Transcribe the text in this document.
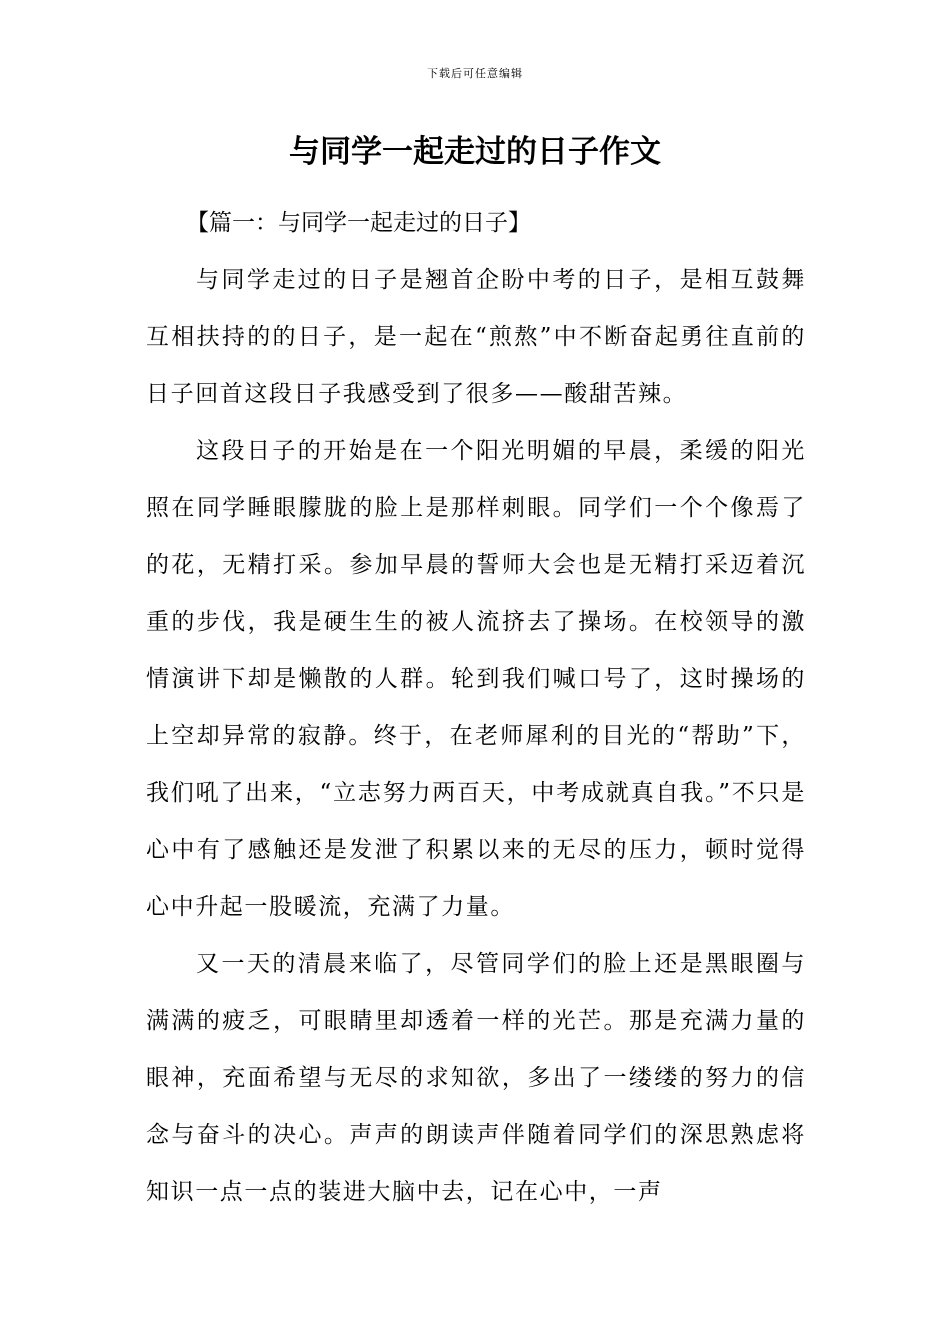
下载后可任意编辑
与同学一起走过的日子作文

【篇一：与同学一起走过的日子】

与同学走过的日子是翘首企盼中考的日子，是相互鼓舞互相扶持的的日子，是一起在“煎熬”中不断奋起勇往直前的日子回首这段日子我感受到了很多——酸甜苦辣。

这段日子的开始是在一个阳光明媚的早晨，柔缓的阳光照在同学睡眼朦胧的脸上是那样刺眼。同学们一个个像焉了的花，无精打采。参加早晨的誓师大会也是无精打采迈着沉重的步伐，我是硬生生的被人流挤去了操场。在校领导的激情演讲下却是懒散的人群。轮到我们喊口号了，这时操场的上空却异常的寂静。终于，在老师犀利的目光的“帮助”下，我们吼了出来，“立志努力两百天，中考成就真自我。”不只是心中有了感触还是发泄了积累以来的无尽的压力，顿时觉得心中升起一股暖流，充满了力量。

又一天的清晨来临了，尽管同学们的脸上还是黑眼圈与满满的疲乏，可眼睛里却透着一样的光芒。那是充满力量的眼神，充面希望与无尽的求知欲，多出了一缕缕的努力的信念与奋斗的决心。声声的朗读声伴随着同学们的深思熟虑将知识一点一点的装进大脑中去，记在心中，一声
